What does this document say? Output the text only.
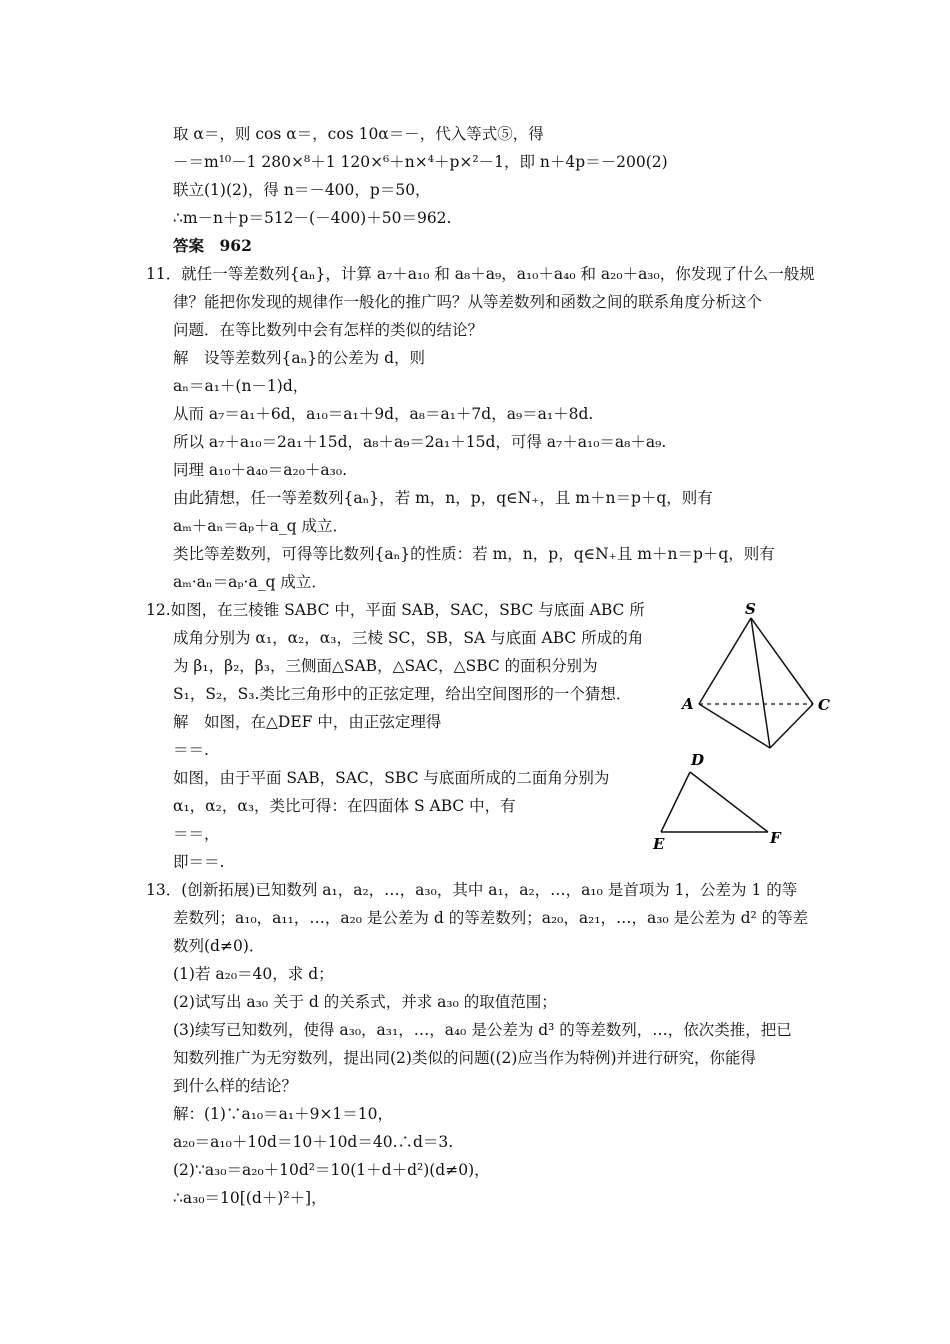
取 α＝，则 cos α＝，cos 10α＝－，代入等式⑤，得
－＝m¹⁰－1 280×⁸＋1 120×⁶＋n×⁴＋p×²－1，即 n＋4p＝－200(2)
联立(1)(2)，得 n＝－400，p＝50，
∴m－n＋p＝512－(－400)＋50＝962.
答案　962
11．就任一等差数列{aₙ}，计算 a₇＋a₁₀ 和 a₈＋a₉，a₁₀＋a₄₀ 和 a₂₀＋a₃₀，你发现了什么一般规
律？能把你发现的规律作一般化的推广吗？从等差数列和函数之间的联系角度分析这个
问题．在等比数列中会有怎样的类似的结论？
解　设等差数列{aₙ}的公差为 d，则
aₙ＝a₁＋(n－1)d，
从而 a₇＝a₁＋6d，a₁₀＝a₁＋9d，a₈＝a₁＋7d，a₉＝a₁＋8d.
所以 a₇＋a₁₀＝2a₁＋15d，a₈＋a₉＝2a₁＋15d，可得 a₇＋a₁₀＝a₈＋a₉.
同理 a₁₀＋a₄₀＝a₂₀＋a₃₀.
由此猜想，任一等差数列{aₙ}，若 m，n，p，q∈N₊，且 m＋n＝p＋q，则有
aₘ＋aₙ＝aₚ＋a_q 成立．
类比等差数列，可得等比数列{aₙ}的性质：若 m，n，p，q∈N₊且 m＋n＝p＋q，则有
aₘ·aₙ＝aₚ·a_q 成立．
12.如图，在三棱锥 SABC 中，平面 SAB，SAC，SBC 与底面 ABC 所
成角分别为 α₁，α₂，α₃，三棱 SC，SB，SA 与底面 ABC 所成的角
为 β₁，β₂，β₃，三侧面△SAB，△SAC，△SBC 的面积分别为
S₁，S₂，S₃.类比三角形中的正弦定理，给出空间图形的一个猜想．
解　如图，在△DEF 中，由正弦定理得
＝＝.
如图，由于平面 SAB，SAC，SBC 与底面所成的二面角分别为
α₁，α₂，α₃，类比可得：在四面体 S ABC 中，有
＝＝，
即＝＝.
13．(创新拓展)已知数列 a₁，a₂，…，a₃₀，其中 a₁，a₂，…，a₁₀ 是首项为 1，公差为 1 的等
差数列；a₁₀，a₁₁，…，a₂₀ 是公差为 d 的等差数列；a₂₀，a₂₁，…，a₃₀ 是公差为 d² 的等差
数列(d≠0)．
(1)若 a₂₀＝40，求 d；
(2)试写出 a₃₀ 关于 d 的关系式，并求 a₃₀ 的取值范围；
(3)续写已知数列，使得 a₃₀，a₃₁，…，a₄₀ 是公差为 d³ 的等差数列，…，依次类推，把已
知数列推广为无穷数列，提出同(2)类似的问题((2)应当作为特例)并进行研究，你能得
到什么样的结论？
解：(1)∵a₁₀＝a₁＋9×1＝10，
a₂₀＝a₁₀＋10d＝10＋10d＝40.∴d＝3.
(2)∵a₃₀＝a₂₀＋10d²＝10(1＋d＋d²)(d≠0)，
∴a₃₀＝10[(d＋)²＋]，
S
A	C
D
E	F
